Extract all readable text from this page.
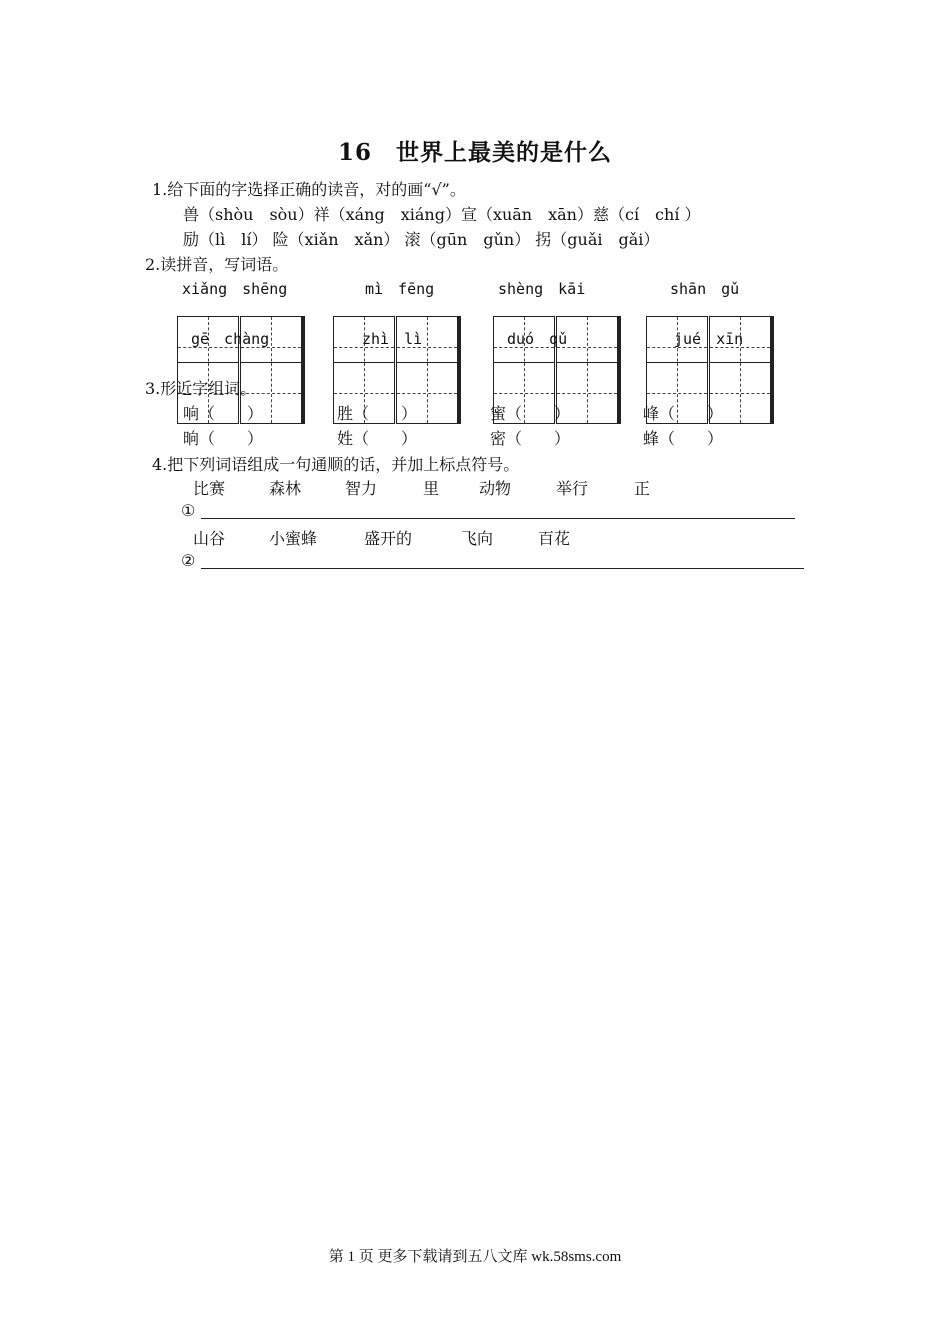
16　世界上最美的是什么
1.给下面的字选择正确的读音，对的画“√”。
兽（shòu　sòu）祥（xáng　xiáng）宣（xuān　xān）慈（cí　chí ）
励（lì　lí） 险（xiǎn　xǎn） 滚（gūn　gǔn） 拐（guǎi　gǎi）
2.读拼音，写词语。
xiǎng　shēng	mì　fēng	shèng　kāi	shān　gǔ
gē　chàng	zhì　lì	duó　qǔ	jué　xīn
3.形近字组词。
响（　　）	胜（　　）	蜜（　　）	峰（　　）
晌（　　）	姓（　　）	密（　　）	蜂（　　）
4.把下列词语组成一句通顺的话，并加上标点符号。
比赛	森林	智力	里 动物	举行	正
①
山谷	小蜜蜂	盛开的	飞向	百花
②
第 1 页 更多下载请到五八文库 wk.58sms.com
